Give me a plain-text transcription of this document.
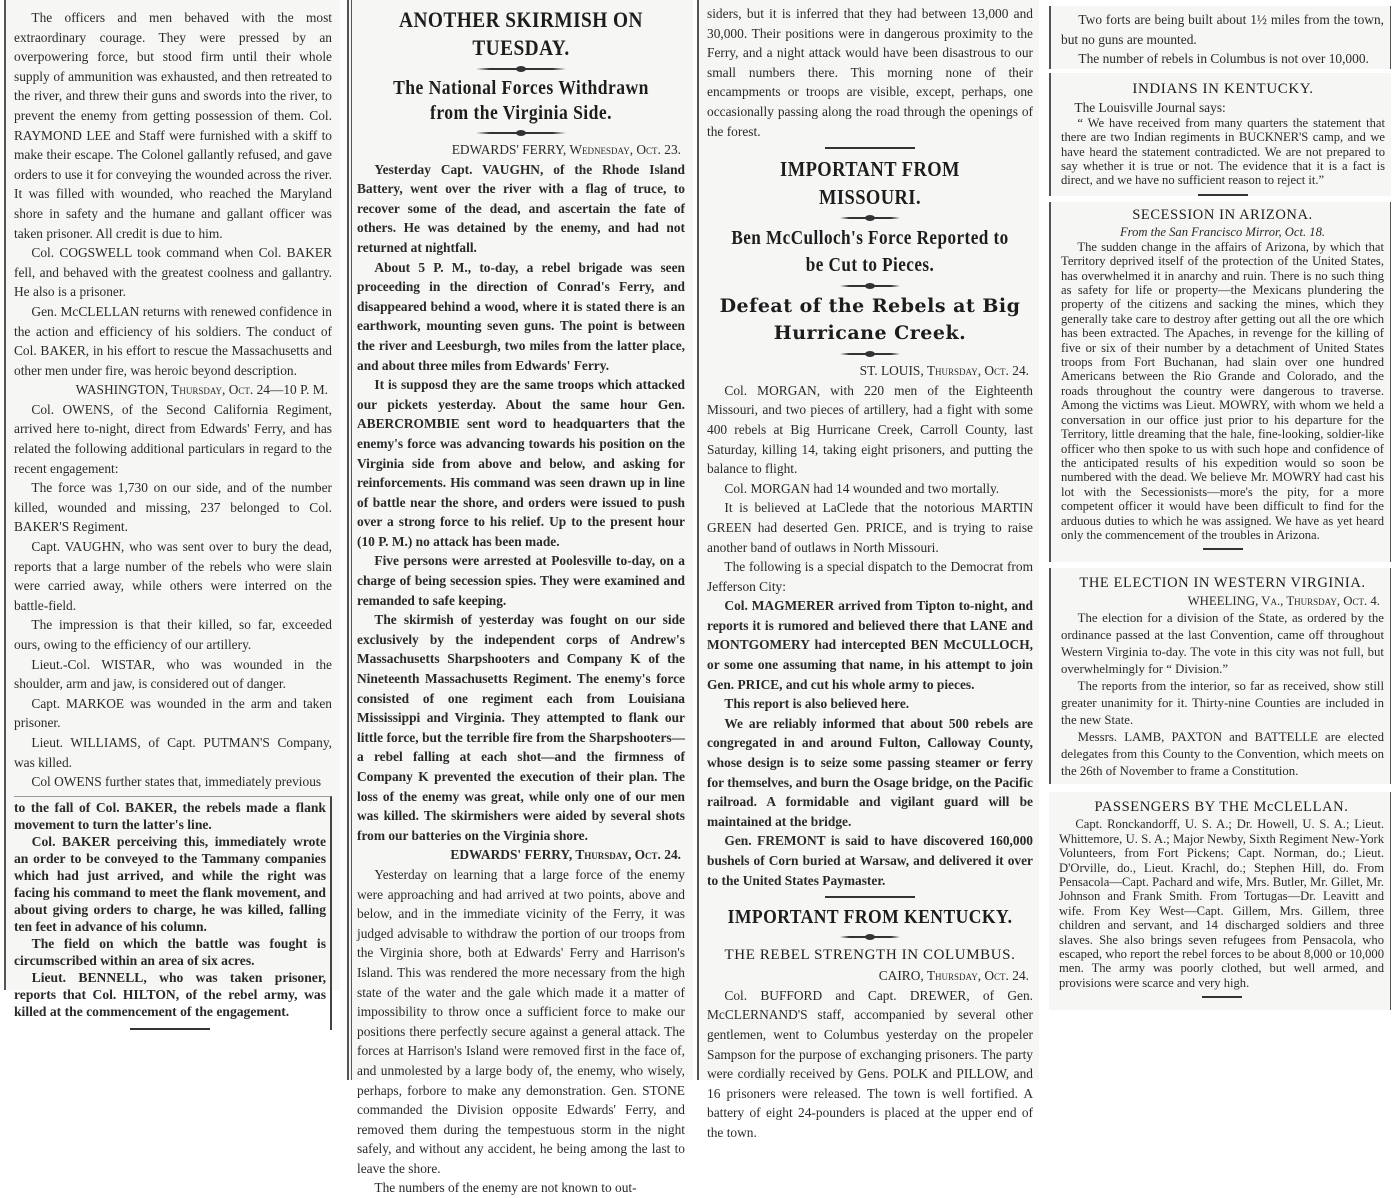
The officers and men behaved with the most extraordinary courage. They were pressed by an overpowering force, but stood firm until their whole supply of ammunition was exhausted, and then retreated to the river, and threw their guns and swords into the river, to prevent the enemy from getting possession of them. Col. RAYMOND LEE and Staff were furnished with a skiff to make their escape. The Colonel gallantly refused, and gave orders to use it for conveying the wounded across the river. It was filled with wounded, who reached the Maryland shore in safety and the humane and gallant officer was taken prisoner. All credit is due to him.

Col. COGSWELL took command when Col. BAKER fell, and behaved with the greatest coolness and gallantry. He also is a prisoner.

Gen. McCLELLAN returns with renewed confidence in the action and efficiency of his soldiers. The conduct of Col. BAKER, in his effort to rescue the Massachusetts and other men under fire, was heroic beyond description.

WASHINGTON, Thursday, Oct. 24—10 P. M.

Col. OWENS, of the Second California Regiment, arrived here to-night, direct from Edwards' Ferry, and has related the following additional particulars in regard to the recent engagement:

The force was 1,730 on our side, and of the number killed, wounded and missing, 237 belonged to Col. BAKER'S Regiment.

Capt. VAUGHN, who was sent over to bury the dead, reports that a large number of the rebels who were slain were carried away, while others were interred on the battle-field.

The impression is that their killed, so far, exceeded ours, owing to the efficiency of our artillery.

Lieut.-Col. WISTAR, who was wounded in the shoulder, arm and jaw, is considered out of danger.

Capt. MARKOE was wounded in the arm and taken prisoner.

Lieut. WILLIAMS, of Capt. PUTMAN'S Company, was killed.

Col OWENS further states that, immediately previous

to the fall of Col. BAKER, the rebels made a flank movement to turn the latter's line.

Col. BAKER perceiving this, immediately wrote an order to be conveyed to the Tammany companies which had just arrived, and while the right was facing his command to meet the flank movement, and about giving orders to charge, he was killed, falling ten feet in advance of his column.

The field on which the battle was fought is circumscribed within an area of six acres.

Lieut. BENNELL, who was taken prisoner, reports that Col. HILTON, of the rebel army, was killed at the commencement of the engagement.

ANOTHER SKIRMISH ON TUESDAY.
The National Forces Withdrawn from the Virginia Side.

EDWARDS' FERRY, Wednesday, Oct. 23.

Yesterday Capt. VAUGHN, of the Rhode Island Battery, went over the river with a flag of truce, to recover some of the dead, and ascertain the fate of others. He was detained by the enemy, and had not returned at nightfall.

About 5 P. M., to-day, a rebel brigade was seen proceeding in the direction of Conrad's Ferry, and disappeared behind a wood, where it is stated there is an earthwork, mounting seven guns. The point is between the river and Leesburgh, two miles from the latter place, and about three miles from Edwards' Ferry.

It is supposd they are the same troops which attacked our pickets yesterday. About the same hour Gen. ABERCROMBIE sent word to headquarters that the enemy's force was advancing towards his position on the Virginia side from above and below, and asking for reinforcements. His command was seen drawn up in line of battle near the shore, and orders were issued to push over a strong force to his relief. Up to the present hour (10 P. M.) no attack has been made.

Five persons were arrested at Poolesville to-day, on a charge of being secession spies. They were examined and remanded to safe keeping.

The skirmish of yesterday was fought on our side exclusively by the independent corps of Andrew's Massachusetts Sharpshooters and Company K of the Nineteenth Massachusetts Regiment. The enemy's force consisted of one regiment each from Louisiana Mississippi and Virginia. They attempted to flank our little force, but the terrible fire from the Sharpshooters—a rebel falling at each shot—and the firmness of Company K prevented the execution of their plan. The loss of the enemy was great, while only one of our men was killed. The skirmishers were aided by several shots from our batteries on the Virginia shore.

EDWARDS' FERRY, Thursday, Oct. 24.

Yesterday on learning that a large force of the enemy were approaching and had arrived at two points, above and below, and in the immediate vicinity of the Ferry, it was judged advisable to withdraw the portion of our troops from the Virginia shore, both at Edwards' Ferry and Harrison's Island. This was rendered the more necessary from the high state of the water and the gale which made it a matter of impossibility to throw once a sufficient force to make our positions there perfectly secure against a general attack. The forces at Harrison's Island were removed first in the face of, and unmolested by a large body of, the enemy, who wisely, perhaps, forbore to make any demonstration. Gen. STONE commanded the Division opposite Edwards' Ferry, and removed them during the tempestuous storm in the night safely, and without any accident, he being among the last to leave the shore.

The numbers of the enemy are not known to out-

siders, but it is inferred that they had between 13,000 and 30,000. Their positions were in dangerous proximity to the Ferry, and a night attack would have been disastrous to our small numbers there. This morning none of their encampments or troops are visible, except, perhaps, one occasionally passing along the road through the openings of the forest.

IMPORTANT FROM MISSOURI.
Ben McCulloch's Force Reported to be Cut to Pieces.
Defeat of the Rebels at Big Hurricane Creek.

ST. LOUIS, Thursday, Oct. 24.

Col. MORGAN, with 220 men of the Eighteenth Missouri, and two pieces of artillery, had a fight with some 400 rebels at Big Hurricane Creek, Carroll County, last Saturday, killing 14, taking eight prisoners, and putting the balance to flight.

Col. MORGAN had 14 wounded and two mortally.

It is believed at LaClede that the notorious MARTIN GREEN had deserted Gen. PRICE, and is trying to raise another band of outlaws in North Missouri.

The following is a special dispatch to the Democrat from Jefferson City:

Col. MAGMERER arrived from Tipton to-night, and reports it is rumored and believed there that LANE and MONTGOMERY had intercepted BEN McCULLOCH, or some one assuming that name, in his attempt to join Gen. PRICE, and cut his whole army to pieces.

This report is also believed here.

We are reliably informed that about 500 rebels are congregated in and around Fulton, Calloway County, whose design is to seize some passing steamer or ferry for themselves, and burn the Osage bridge, on the Pacific railroad. A formidable and vigilant guard will be maintained at the bridge.

Gen. FREMONT is said to have discovered 160,000 bushels of Corn buried at Warsaw, and delivered it over to the United States Paymaster.

IMPORTANT FROM KENTUCKY.
THE REBEL STRENGTH IN COLUMBUS.

CAIRO, Thursday, Oct. 24.

Col. BUFFORD and Capt. DREWER, of Gen. McCLERNAND'S staff, accompanied by several other gentlemen, went to Columbus yesterday on the propeler Sampson for the purpose of exchanging prisoners. The party were cordially received by Gens. POLK and PILLOW, and 16 prisoners were released. The town is well fortified. A battery of eight 24-pounders is placed at the upper end of the town.

Two forts are being built about 1½ miles from the town, but no guns are mounted.

The number of rebels in Columbus is not over 10,000.

INDIANS IN KENTUCKY.

The Louisville Journal says:

“ We have received from many quarters the statement that there are two Indian regiments in BUCKNER'S camp, and we have heard the statement contradicted. We are not prepared to say whether it is true or not. The evidence that it is a fact is direct, and we have no sufficient reason to reject it.”

SECESSION IN ARIZONA.

From the San Francisco Mirror, Oct. 18.

The sudden change in the affairs of Arizona, by which that Territory deprived itself of the protection of the United States, has overwhelmed it in anarchy and ruin. There is no such thing as safety for life or property—the Mexicans plundering the property of the citizens and sacking the mines, which they generally take care to destroy after getting out all the ore which has been extracted. The Apaches, in revenge for the killing of five or six of their number by a detachment of United States troops from Fort Buchanan, had slain over one hundred Americans between the Rio Grande and Colorado, and the roads throughout the country were dangerous to traverse. Among the victims was Lieut. MOWRY, with whom we held a conversation in our office just prior to his departure for the Territory, little dreaming that the hale, fine-looking, soldier-like officer who then spoke to us with such hope and confidence of the anticipated results of his expedition would so soon be numbered with the dead. We believe Mr. MOWRY had cast his lot with the Secessionists—more's the pity, for a more competent officer it would have been difficult to find for the arduous duties to which he was assigned. We have as yet heard only the commencement of the troubles in Arizona.

THE ELECTION IN WESTERN VIRGINIA.

WHEELING, Va., Thursday, Oct. 4.

The election for a division of the State, as ordered by the ordinance passed at the last Convention, came off throughout Western Virginia to-day. The vote in this city was not full, but overwhelmingly for “ Division.”

The reports from the interior, so far as received, show still greater unanimity for it. Thirty-nine Counties are included in the new State.

Messrs. LAMB, PAXTON and BATTELLE are elected delegates from this County to the Convention, which meets on the 26th of November to frame a Constitution.

PASSENGERS BY THE McCLELLAN.

Capt. Ronckandorff, U. S. A.; Dr. Howell, U. S. A.; Lieut. Whittemore, U. S. A.; Major Newby, Sixth Regiment New-York Volunteers, from Fort Pickens; Capt. Norman, do.; Lieut. D'Orville, do., Lieut. Krachl, do.; Stephen Hill, do. From Pensacola—Capt. Pachard and wife, Mrs. Butler, Mr. Gillet, Mr. Johnson and Frank Smith. From Tortugas—Dr. Leavitt and wife. From Key West—Capt. Gillem, Mrs. Gillem, three children and servant, and 14 discharged soldiers and three slaves. She also brings seven refugees from Pensacola, who escaped, who report the rebel forces to be about 8,000 or 10,000 men. The army was poorly clothed, but well armed, and provisions were scarce and very high.
